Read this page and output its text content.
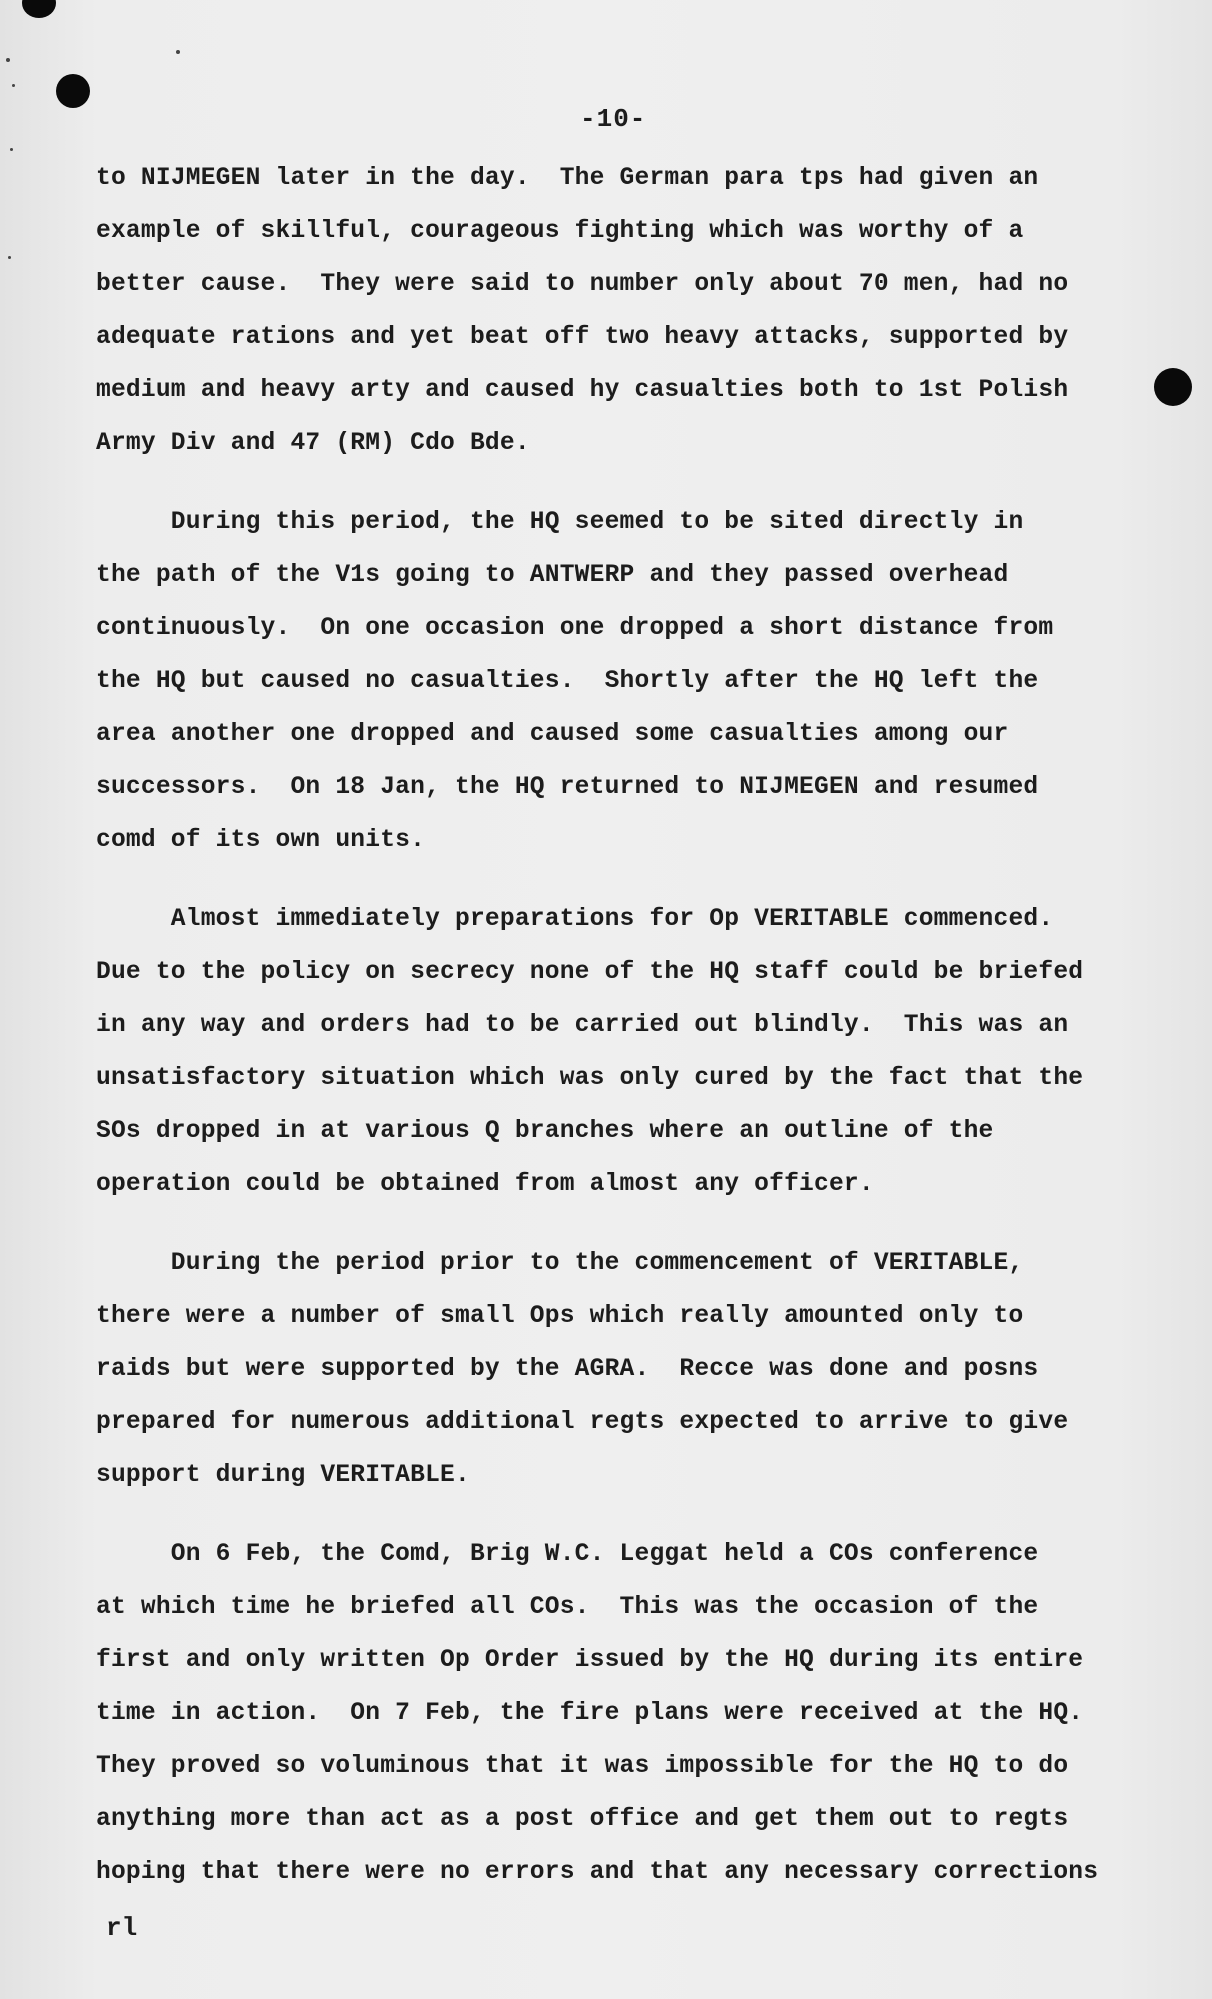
-10-
to NIJMEGEN later in the day.  The German para tps had given an
example of skillful, courageous fighting which was worthy of a
better cause.  They were said to number only about 70 men, had no
adequate rations and yet beat off two heavy attacks, supported by
medium and heavy arty and caused hy casualties both to 1st Polish
Army Div and 47 (RM) Cdo Bde.
During this period, the HQ seemed to be sited directly in
the path of the V1s going to ANTWERP and they passed overhead
continuously.  On one occasion one dropped a short distance from
the HQ but caused no casualties.  Shortly after the HQ left the
area another one dropped and caused some casualties among our
successors.  On 18 Jan, the HQ returned to NIJMEGEN and resumed
comd of its own units.
Almost immediately preparations for Op VERITABLE commenced.
Due to the policy on secrecy none of the HQ staff could be briefed
in any way and orders had to be carried out blindly.  This was an
unsatisfactory situation which was only cured by the fact that the
SOs dropped in at various Q branches where an outline of the
operation could be obtained from almost any officer.
During the period prior to the commencement of VERITABLE,
there were a number of small Ops which really amounted only to
raids but were supported by the AGRA.  Recce was done and posns
prepared for numerous additional regts expected to arrive to give
support during VERITABLE.
On 6 Feb, the Comd, Brig W.C. Leggat held a COs conference
at which time he briefed all COs.  This was the occasion of the
first and only written Op Order issued by the HQ during its entire
time in action.  On 7 Feb, the fire plans were received at the HQ.
They proved so voluminous that it was impossible for the HQ to do
anything more than act as a post office and get them out to regts
hoping that there were no errors and that any necessary corrections
rl
